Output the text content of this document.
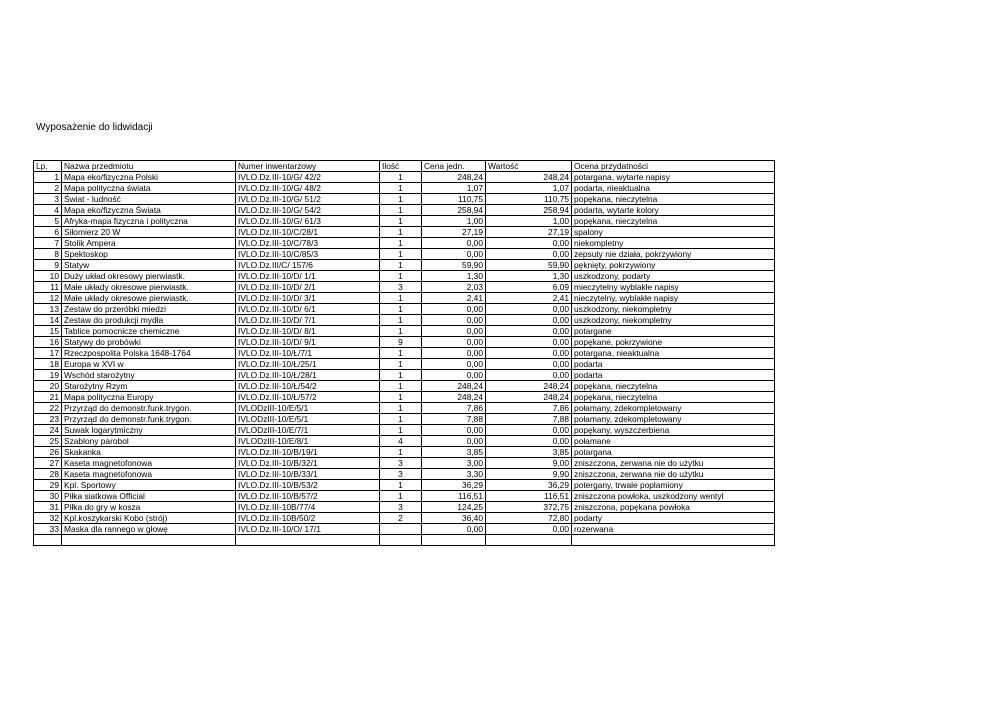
Wyposażenie do lidwidacji
Lp.	Nazwa przedmiotu	Numer inwentarzowy	Ilość	Cena jedn.	Wartość	Ocena przydatności
1	Mapa eko/fizyczna Polski	IVLO.Dz.III-10/G/ 42/2	1	248,24	248,24	potargana, wytarte napisy
2	Mapa polityczna świata	IVLO.Dz.III-10/G/ 48/2	1	1,07	1,07	podarta, nieaktualna
3	Świat - ludność	IVLO.Dz.III-10/G/ 51/2	1	110,75	110,75	popękana, nieczytelna
4	Mapa eko/fizyczna Świata	IVLO.Dz.III-10/G/ 54/2	1	258,94	258,94	podarta, wytarte kolory
5	Afryka-mapa fizyczna i polityczna	IVLO.Dz.III-10/G/ 61/3	1	1,00	1,00	popękana, nieczytelna
6	Siłomierz 20 W	IVLO.Dz.III-10/C/28/1	1	27,19	27,19	spalony
7	Stolik Ampera	IVLO.Dz.III-10/C/78/3	1	0,00	0,00	niekompletny
8	Spektoskop	IVLO.Dz.III-10/C/85/3	1	0,00	0,00	zepsuty nie działa, pokrzywiony
9	Statyw	IVLO.Dz.III/C/ 157/6	1	59,90	59,90	pęknięty, pokrzywiony
10	Duży układ okresowy pierwiastk.	IVLO.Dz.III-10/D/ 1/1	1	1,30	1,30	uszkodzony, podarty
11	Małe układy okresowe pierwiastk.	IVLO.Dz.III-10/D/ 2/1	3	2,03	6,09	mieczytelny wyblakłe napisy
12	Małe układy okresowe pierwiastk.	IVLO.Dz.III-10/D/ 3/1	1	2,41	2,41	nieczytelny, wyblakłe napisy
13	Zestaw do przeróbki miedzi	IVLO.Dz.III-10/D/ 6/1	1	0,00	0,00	uszkodzony, niekompletny
14	Zestaw do produkcji mydła	IVLO.Dz.III-10/D/ 7/1	1	0,00	0,00	uszkodzony, niekompletny
15	Tablice pomocnicze chemiczne	IVLO.Dz.III-10/D/ 8/1	1	0,00	0,00	potargane
16	Statywy do probówki	IVLO.Dz.III-10/D/ 9/1	9	0,00	0,00	popękane, pokrzywione
17	Rzeczpospolita Polska 1648-1764	IVLO.Dz.III-10/Ł/7/1	1	0,00	0,00	potargana, nieaktualna
18	Europa w XVI w	IVLO.Dz.III-10/Ł/25/1	1	0,00	0,00	podarta
19	Wschód starożytny	IVLO.Dz.III-10/Ł/28/1	1	0,00	0,00	podarta
20	Starożytny Rzym	IVLO.Dz.III-10/Ł/54/2	1	248,24	248,24	popękana, nieczytelna
21	Mapa polityczna Europy	IVLO.Dz.III-10/Ł/57/2	1	248,24	248,24	popękana, nieczytelna
22	Przyrząd do demonstr.funk.trygon.	IVLODzIII-10/E/5/1	1	7,86	7,86	połamany, zdekompletowany
23	Przyrząd do demonstr.funk.trygon.	IVLODzIII-10/E/5/1	1	7,88	7,88	połamany, zdekompletowany
24	Suwak logarytmiczny	IVLODzIII-10/E/7/1	1	0,00	0,00	popękany, wyszczerbiena
25	Szablony parobol	IVLODzIII-10/E/8/1	4	0,00	0,00	połamane
26	Skakanka	IVLO.Dz.III-10/B/19/1	1	3,85	3,85	potargana
27	Kaseta magnetofonowa	IVLO.Dz.III-10/B/32/1	3	3,00	9,00	zniszczona, zerwana nie do użytku
28	Kaseta magnetofonowa	IVLO.Dz.III-10/B/33/1	3	3,30	9,90	zniszczona, zerwana nie do użytku
29	Kpl. Sportowy	IVLO.Dz.III-10/B/53/2	1	36,29	36,29	potergany, trwale poplamiony
30	Piłka siatkowa Official	IVLO.Dz.III-10/B/57/2	1	116,51	116,51	zniszczona powłoka, uszkodzony wentyl
31	Piłka do gry w kosza	IVLO.Dz.III-10B/77/4	3	124,25	372,75	zniszczona, popękana powłoka
32	Kpl.koszykarski Kobo (strój)	IVLO.Dz.III-10B/50/2	2	36,40	72,80	podarty
33	Maska dla rannego w głowę	IVLO.Dz.III-10/O/ 17/1		0,00	0,00	rozerwana
